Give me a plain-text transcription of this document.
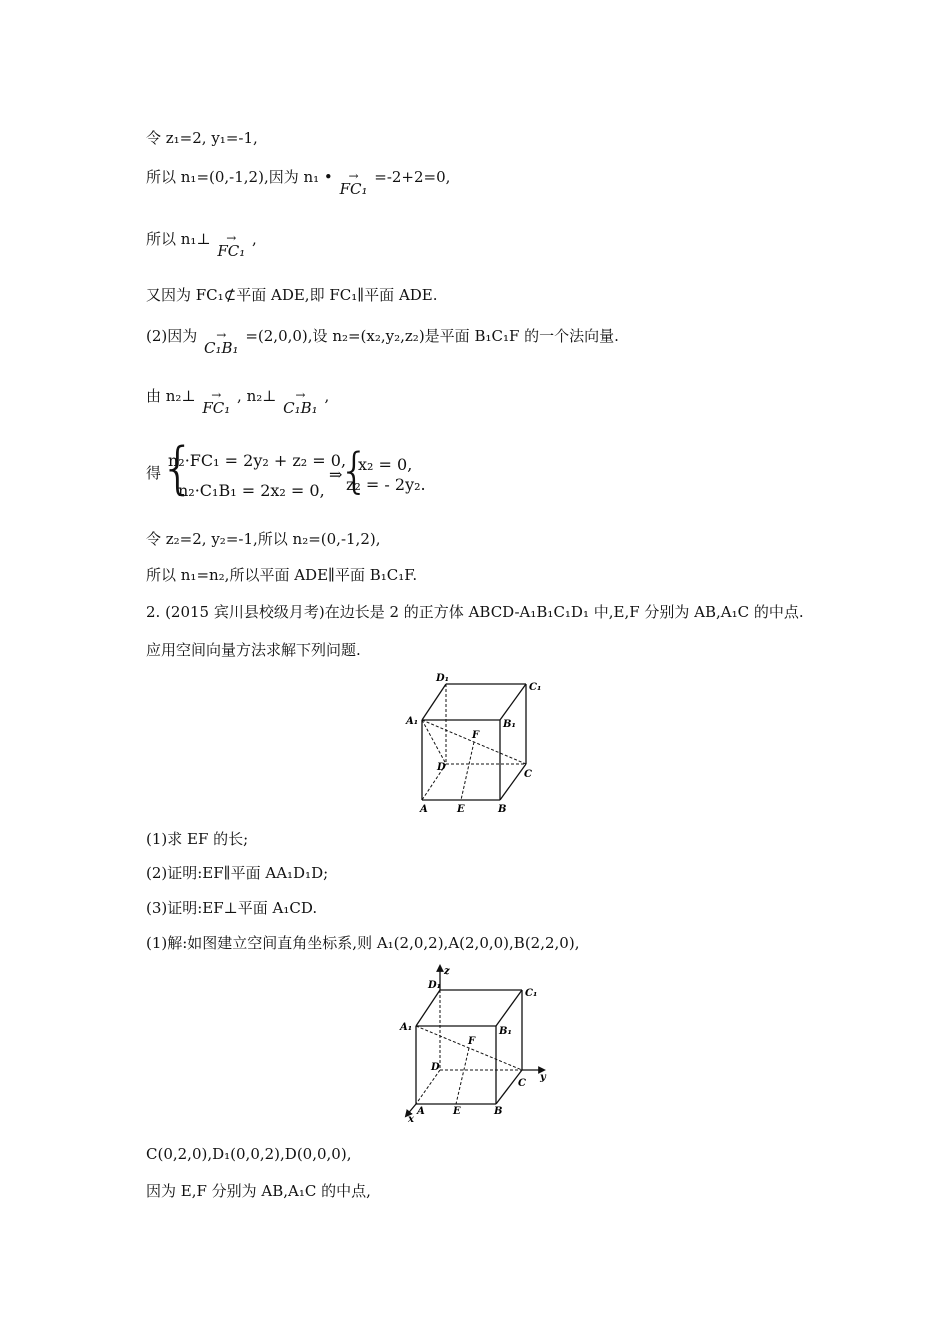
令 z₁=2, y₁=-1,
所以 n₁=(0,-1,2),因为 n₁ • →
FC₁ =-2+2=0,
所以 n₁⊥ →
FC₁ ,
又因为 FC₁⊄平面 ADE,即 FC₁∥平面 ADE.
(2)因为 →
C₁B₁ =(2,0,0),设 n₂=(x₂,y₂,z₂)是平面 B₁C₁F 的一个法向量.
由 n₂⊥ →
FC₁ , n₂⊥ →
C₁B₁ ,
得
{
n₂·FC₁ = 2y₂ + z₂ = 0,
n₂·C₁B₁ = 2x₂ = 0,
⇒
{
x₂ = 0,
z₂ = - 2y₂.
令 z₂=2, y₂=-1,所以 n₂=(0,-1,2),
所以 n₁=n₂,所以平面 ADE∥平面 B₁C₁F.
2. (2015 宾川县校级月考)在边长是 2 的正方体 ABCD-A₁B₁C₁D₁ 中,E,F 分别为 AB,A₁C 的中点.
应用空间向量方法求解下列问题.
D₁
C₁
A₁	B₁
F
D
C
A	E	B
(1)求 EF 的长;
(2)证明:EF∥平面 AA₁D₁D;
(3)证明:EF⊥平面 A₁CD.
(1)解:如图建立空间直角坐标系,则 A₁(2,0,2),A(2,0,0),B(2,2,0),
z
y
x
D₁
C₁
A₁	B₁
F
D
C
A	E	B
C(0,2,0),D₁(0,0,2),D(0,0,0),
因为 E,F 分别为 AB,A₁C 的中点,
